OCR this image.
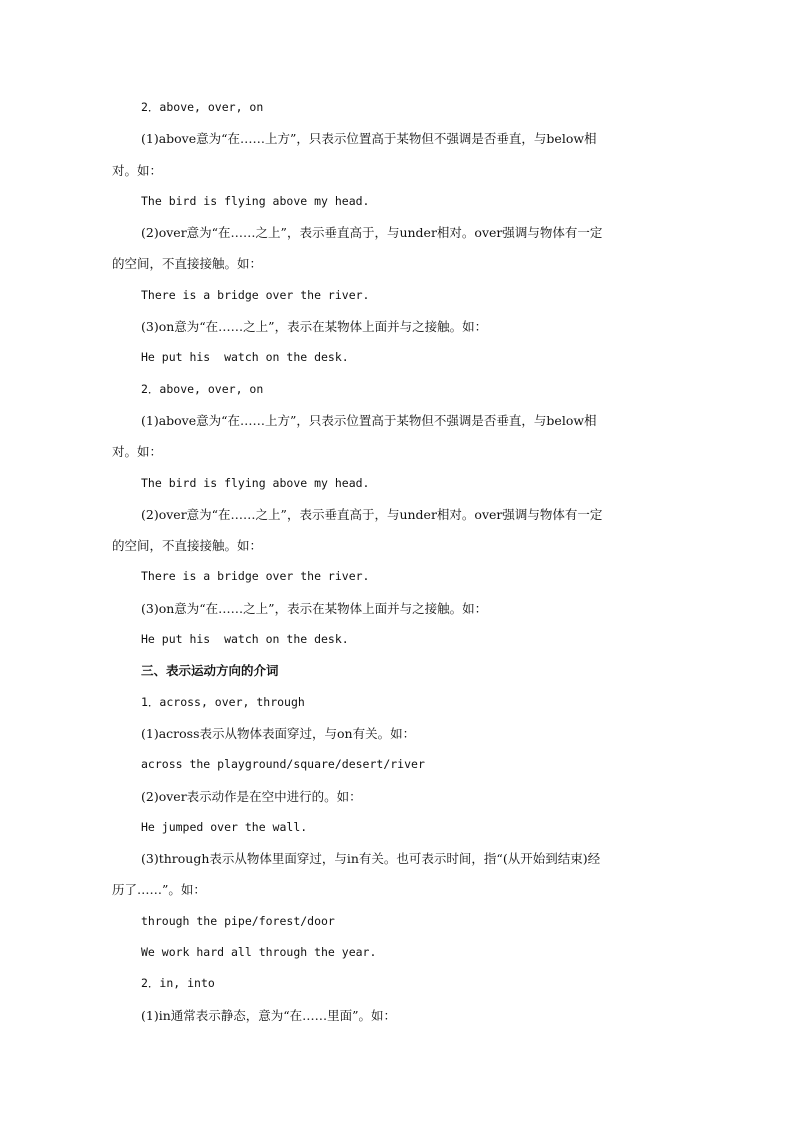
2．above, over, on
(1)above意为“在……上方”，只表示位置高于某物但不强调是否垂直，与below相
对。如：
The bird is flying above my head.
(2)over意为“在……之上”，表示垂直高于，与under相对。over强调与物体有一定
的空间，不直接接触。如：
There is a bridge over the river.
(3)on意为“在……之上”，表示在某物体上面并与之接触。如：
He put his  watch on the desk.
2．above, over, on
(1)above意为“在……上方”，只表示位置高于某物但不强调是否垂直，与below相
对。如：
The bird is flying above my head.
(2)over意为“在……之上”，表示垂直高于，与under相对。over强调与物体有一定
的空间，不直接接触。如：
There is a bridge over the river.
(3)on意为“在……之上”，表示在某物体上面并与之接触。如：
He put his  watch on the desk.
三、表示运动方向的介词
1．across, over, through
(1)across表示从物体表面穿过，与on有关。如：
across the playground/square/desert/river
(2)over表示动作是在空中进行的。如：
He jumped over the wall.
(3)through表示从物体里面穿过，与in有关。也可表示时间，指“(从开始到结束)经
历了……”。如：
through the pipe/forest/door
We work hard all through the year.
2．in, into
(1)in通常表示静态，意为“在……里面”。如：
